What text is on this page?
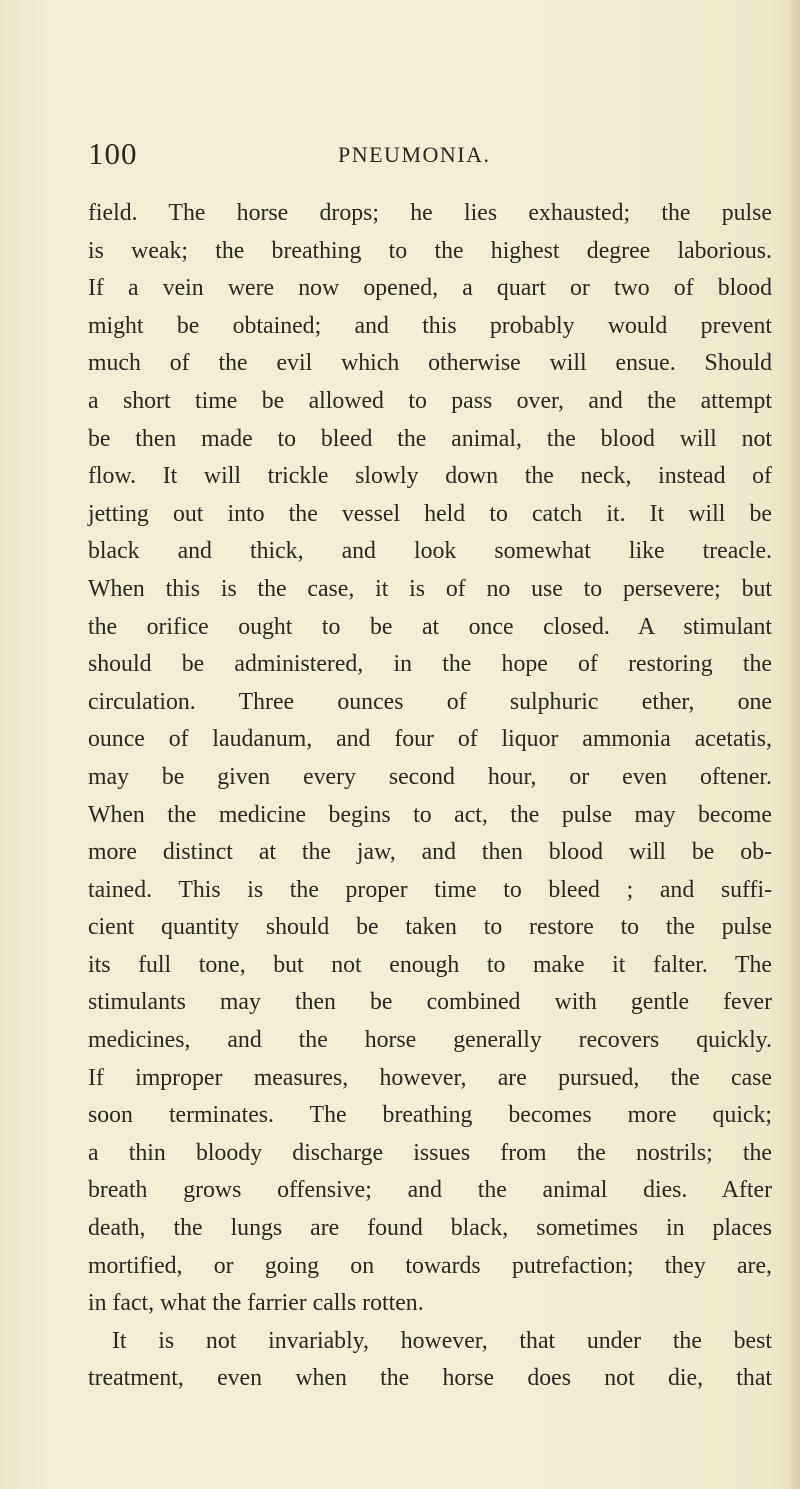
100	PNEUMONIA.
field. The horse drops; he lies exhausted; the pulse
is weak; the breathing to the highest degree laborious.
If a vein were now opened, a quart or two of blood
might be obtained; and this probably would prevent
much of the evil which otherwise will ensue. Should
a short time be allowed to pass over, and the attempt
be then made to bleed the animal, the blood will not
flow. It will trickle slowly down the neck, instead of
jetting out into the vessel held to catch it. It will be
black and thick, and look somewhat like treacle.
When this is the case, it is of no use to persevere; but
the orifice ought to be at once closed. A stimulant
should be administered, in the hope of restoring the
circulation. Three ounces of sulphuric ether, one
ounce of laudanum, and four of liquor ammonia acetatis,
may be given every second hour, or even oftener.
When the medicine begins to act, the pulse may become
more distinct at the jaw, and then blood will be ob-
tained. This is the proper time to bleed ; and suffi-
cient quantity should be taken to restore to the pulse
its full tone, but not enough to make it falter. The
stimulants may then be combined with gentle fever
medicines, and the horse generally recovers quickly.
If improper measures, however, are pursued, the case
soon terminates. The breathing becomes more quick;
a thin bloody discharge issues from the nostrils; the
breath grows offensive; and the animal dies. After
death, the lungs are found black, sometimes in places
mortified, or going on towards putrefaction; they are,
in fact, what the farrier calls rotten.
It is not invariably, however, that under the best
treatment, even when the horse does not die, that
